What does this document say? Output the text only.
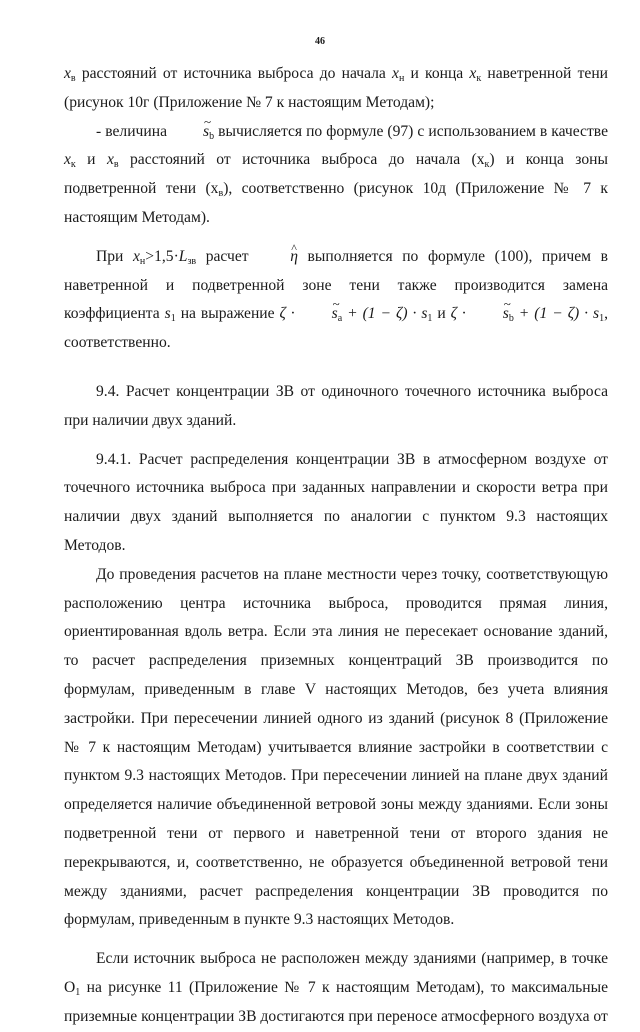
46

$x_в$ расстояний от источника выброса до начала $x_н$ и конца $x_к$ наветренной тени (рисунок 10г (Приложение № 7 к настоящим Методам);

- величина ~ $s_b$ вычисляется по формуле (97) с использованием в качестве $x_к$ и $x_в$ расстояний от источника выброса до начала $(x_к)$ и конца зоны подветренной тени $(x_в)$, соответственно (рисунок 10д (Приложение № 7 к настоящим Методам).

При $x_н>1,5\cdot L_{зв}$ расчет ^ η выполняется по формуле (100), причем в наветренной и подветренной зоне тени также производится замена коэффициента $s_1$ на выражение ζ · ~ $s_a + (1 - \zeta) \cdot s_1$ и ζ · ~ $s_b + (1 - \zeta) \cdot s_1$, соответственно.

9.4. Расчет концентрации ЗВ от одиночного точечного источника выброса при наличии двух зданий.

9.4.1. Расчет распределения концентрации ЗВ в атмосферном воздухе от точечного источника выброса при заданных направлении и скорости ветра при наличии двух зданий выполняется по аналогии с пунктом 9.3 настоящих Методов.

До проведения расчетов на плане местности через точку, соответствующую расположению центра источника выброса, проводится прямая линия, ориентированная вдоль ветра. Если эта линия не пересекает основание зданий, то расчет распределения приземных концентраций ЗВ производится по формулам, приведенным в главе V настоящих Методов, без учета влияния застройки. При пересечении линией одного из зданий (рисунок 8 (Приложение № 7 к настоящим Методам) учитывается влияние застройки в соответствии с пунктом 9.3 настоящих Методов. При пересечении линией на плане двух зданий определяется наличие объединенной ветровой зоны между зданиями. Если зоны подветренной тени от первого и наветренной тени от второго здания не перекрываются, и, соответственно, не образуется объединенной ветровой тени между зданиями, расчет распределения концентрации ЗВ проводится по формулам, приведенным в пункте 9.3 настоящих Методов.

Если источник выброса не расположен между зданиями (например, в точке $О_1$ на рисунке 11 (Приложение № 7 к настоящим Методам), то максимальные приземные концентрации ЗВ достигаются при переносе атмосферного воздуха от
